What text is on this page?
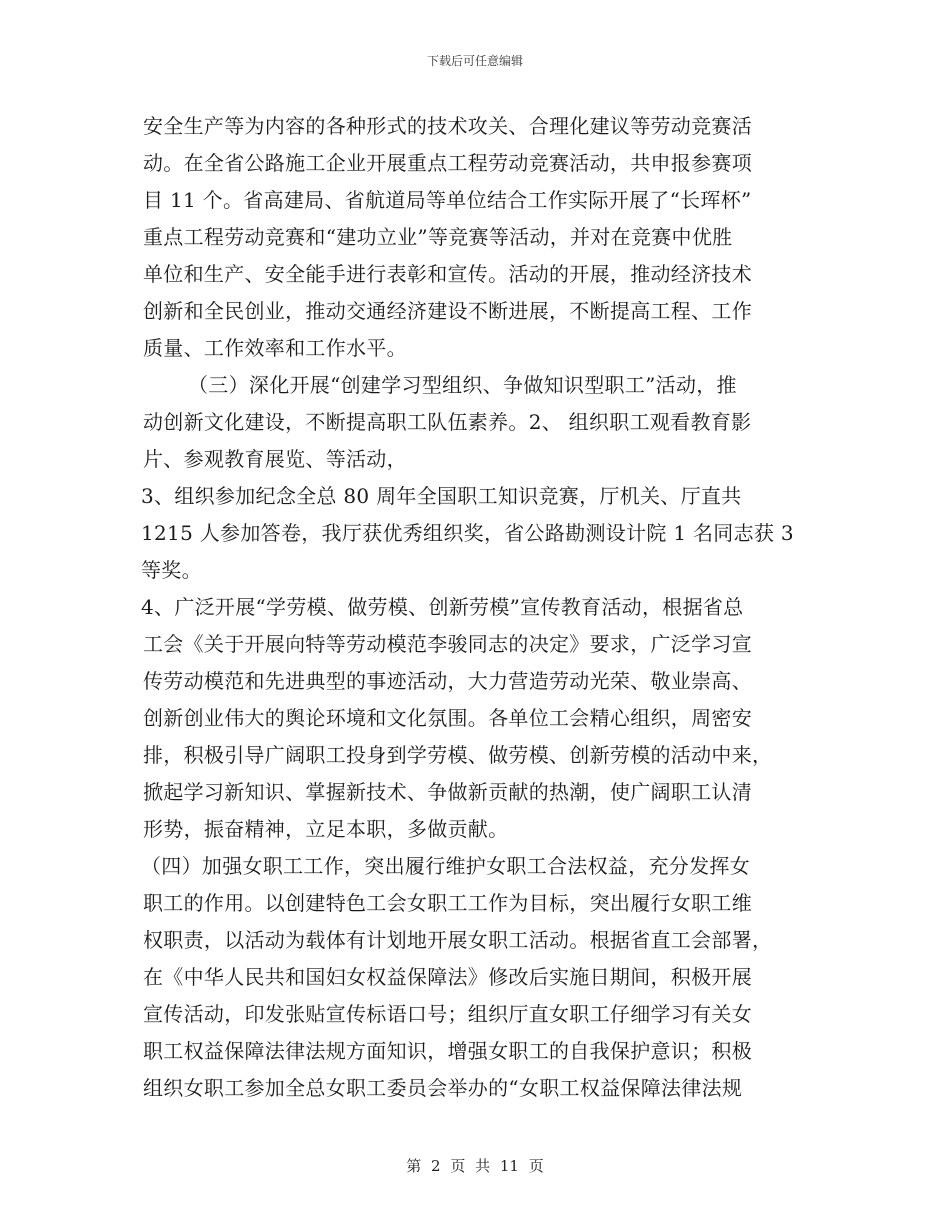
下载后可任意编辑
安全生产等为内容的各种形式的技术攻关、合理化建议等劳动竞赛活
动。在全省公路施工企业开展重点工程劳动竞赛活动，共申报参赛项
目 11 个。省高建局、省航道局等单位结合工作实际开展了“长珲杯”
重点工程劳动竞赛和“建功立业”等竞赛等活动，并对在竞赛中优胜
单位和生产、安全能手进行表彰和宣传。活动的开展，推动经济技术
创新和全民创业，推动交通经济建设不断进展，不断提高工程、工作
质量、工作效率和工作水平。
（三）深化开展“创建学习型组织、争做知识型职工”活动，推
动创新文化建设，不断提高职工队伍素养。2、 组织职工观看教育影
片、参观教育展览、等活动，
3、组织参加纪念全总 80 周年全国职工知识竞赛，厅机关、厅直共
1215 人参加答卷，我厅获优秀组织奖，省公路勘测设计院 1 名同志获 3
等奖。
4、广泛开展“学劳模、做劳模、创新劳模”宣传教育活动，根据省总
工会《关于开展向特等劳动模范李骏同志的决定》要求，广泛学习宣
传劳动模范和先进典型的事迹活动，大力营造劳动光荣、敬业崇高、
创新创业伟大的舆论环境和文化氛围。各单位工会精心组织，周密安
排，积极引导广阔职工投身到学劳模、做劳模、创新劳模的活动中来，
掀起学习新知识、掌握新技术、争做新贡献的热潮，使广阔职工认清
形势，振奋精神，立足本职，多做贡献。
（四）加强女职工工作，突出履行维护女职工合法权益，充分发挥女
职工的作用。以创建特色工会女职工工作为目标，突出履行女职工维
权职责，以活动为载体有计划地开展女职工活动。根据省直工会部署，
在《中华人民共和国妇女权益保障法》修改后实施日期间，积极开展
宣传活动，印发张贴宣传标语口号；组织厅直女职工仔细学习有关女
职工权益保障法律法规方面知识，增强女职工的自我保护意识；积极
组织女职工参加全总女职工委员会举办的“女职工权益保障法律法规
第 2 页 共 11 页
